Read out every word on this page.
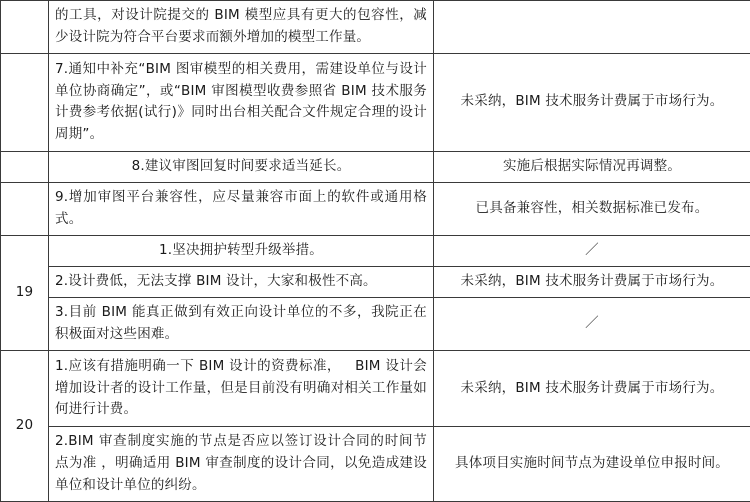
	的工具，对设计院提交的 BIM 模型应具有更大的包容性，减少设计院为符合平台要求而额外增加的模型工作量。	

	7.通知中补充“BIM 图审模型的相关费用，需建设单位与设计单位协商确定”，或“BIM 审图模型收费参照省 BIM 技术服务计费参考依据(试行)》同时出台相关配合文件规定合理的设计周期”。	未采纳，BIM 技术服务计费属于市场行为。

	8.建议审图回复时间要求适当延长。	实施后根据实际情况再调整。

	9.增加审图平台兼容性，应尽量兼容市面上的软件或通用格式。	已具备兼容性，相关数据标准已发布。

19	1.坚决拥护转型升级举措。	／

	2.设计费低，无法支撑 BIM 设计，大家和极性不高。	未采纳，BIM 技术服务计费属于市场行为。

	3.目前 BIM 能真正做到有效正向设计单位的不多，我院正在积极面对这些困难。	／

20	1.应该有措施明确一下 BIM 设计的资费标准，   BIM 设计会增加设计者的设计工作量，但是目前没有明确对相关工作量如何进行计费。	未采纳，BIM 技术服务计费属于市场行为。

	2.BIM 审查制度实施的节点是否应以签订设计合同的时间节点为准 ，明确适用 BIM 审查制度的设计合同，以免造成建设单位和设计单位的纠纷。	具体项目实施时间节点为建设单位申报时间。
